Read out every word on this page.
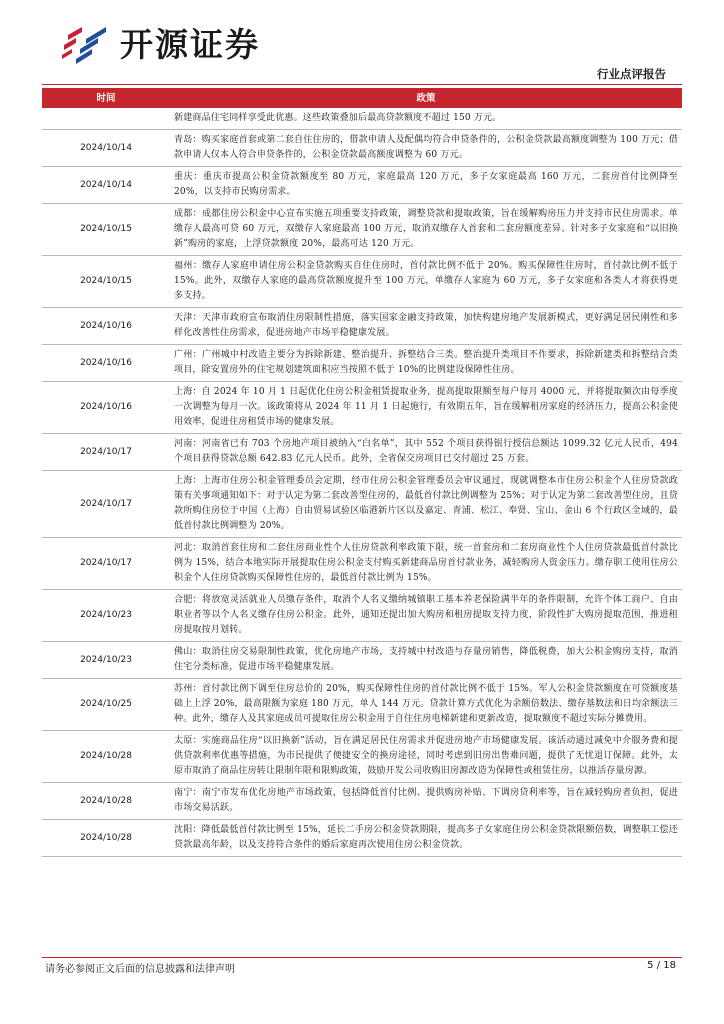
开源证券
行业点评报告
时间	政策
	新建商品住宅同样享受此优惠。这些政策叠加后最高贷款额度不超过 150 万元。
2024/10/14	青岛：购买家庭首套或第二套自住住房的，借款申请人及配偶均符合申贷条件的，公积金贷款最高额度调整为 100 万元；借款申请人仅本人符合申贷条件的，公积金贷款最高额度调整为 60 万元。
2024/10/14	重庆：重庆市提高公积金贷款额度至 80 万元，家庭最高 120 万元，多子女家庭最高 160 万元，二套房首付比例降至 20%，以支持市民购房需求。
2024/10/15	成都：成都住房公积金中心宣布实施五项重要支持政策，调整贷款和提取政策，旨在缓解购房压力并支持市民住房需求。单缴存人最高可贷 60 万元，双缴存人家庭最高 100 万元，取消双缴存人首套和二套房额度差异。针对多子女家庭和“以旧换新”购房的家庭，上浮贷款额度 20%，最高可达 120 万元。
2024/10/15	福州：缴存人家庭申请住房公积金贷款购买自住住房时，首付款比例不低于 20%。购买保障性住房时，首付款比例不低于 15%。此外，双缴存人家庭的最高贷款额度提升至 100 万元，单缴存人家庭为 60 万元，多子女家庭和各类人才将获得更多支持。
2024/10/16	天津：天津市政府宣布取消住房限制性措施，落实国家金融支持政策，加快构建房地产发展新模式，更好满足居民刚性和多样化改善性住房需求，促进房地产市场平稳健康发展。
2024/10/16	广州：广州城中村改造主要分为拆除新建、整治提升、拆整结合三类。整治提升类项目不作要求，拆除新建类和拆整结合类项目，除安置房外的住宅规划建筑面积应当按照不低于 10%的比例建设保障性住房。
2024/10/16	上海：自 2024 年 10 月 1 日起优化住房公积金租赁提取业务，提高提取限额至每户每月 4000 元，并将提取频次由每季度一次调整为每月一次。该政策将从 2024 年 11 月 1 日起施行，有效期五年，旨在缓解租房家庭的经济压力，提高公积金使用效率，促进住房租赁市场的健康发展。
2024/10/17	河南：河南省已有 703 个房地产项目被纳入“白名单”，其中 552 个项目获得银行授信总额达 1099.32 亿元人民币，494 个项目获得贷款总额 642.83 亿元人民币。此外，全省保交房项目已交付超过 25 万套。
2024/10/17	上海：上海市住房公积金管理委员会定期，经市住房公积金管理委员会审议通过，现就调整本市住房公积金个人住房贷款政策有关事项通知如下：对于认定为第二套改善型住房的，最低首付款比例调整为 25%；对于认定为第二套改善型住房，且贷款所购住房位于中国（上海）自由贸易试验区临港新片区以及嘉定、青浦、松江、奉贤、宝山、金山 6 个行政区全域的，最低首付款比例调整为 20%。
2024/10/17	河北：取消首套住房和二套住房商业性个人住房贷款利率政策下限，统一首套房和二套房商业性个人住房贷款最低首付款比例为 15%，结合本地实际开展提取住房公积金支付购买新建商品房首付款业务，减轻购房人资金压力。缴存职工使用住房公积金个人住房贷款购买保障性住房的，最低首付款比例为 15%。
2024/10/23	合肥：将放宽灵活就业人员缴存条件，取消个人名义缴纳城镇职工基本养老保险满半年的条件限制，允许个体工商户、自由职业者等以个人名义缴存住房公积金。此外，通知还提出加大购房和租房提取支持力度，阶段性扩大购房提取范围，推进租房提取按月划转。
2024/10/23	佛山：取消住房交易限制性政策，优化房地产市场，支持城中村改造与存量房销售，降低税费，加大公积金购房支持，取消住宅分类标准，促进市场平稳健康发展。
2024/10/25	苏州：首付款比例下调至住房总价的 20%，购买保障性住房的首付款比例不低于 15%。军人公积金贷款额度在可贷额度基础上上浮 20%，最高限额为家庭 180 万元，单人 144 万元。贷款计算方式优化为余额倍数法、缴存基数法和日均余额法三种。此外，缴存人及其家庭成员可提取住房公积金用于自住住房电梯新建和更新改造，提取额度不超过实际分摊费用。
2024/10/28	太原：实施商品住房“以旧换新”活动，旨在满足居民住房需求并促进房地产市场健康发展。该活动通过减免中介服务费和提供贷款利率优惠等措施，为市民提供了便捷安全的换房途径，同时考虑到旧房出售难问题，提供了无忧退订保障。此外，太原市取消了商品住房转让限制年限和限购政策，鼓励开发公司收购旧房源改造为保障性或租赁住房，以推活存量房源。
2024/10/28	南宁：南宁市发布优化房地产市场政策，包括降低首付比例、提供购房补贴、下调房贷利率等，旨在减轻购房者负担，促进市场交易活跃。
2024/10/28	沈阳：降低最低首付款比例至 15%，延长二手房公积金贷款期限，提高多子女家庭住房公积金贷款限额倍数，调整职工偿还贷款最高年龄，以及支持符合条件的婚后家庭再次使用住房公积金贷款。
请务必参阅正文后面的信息披露和法律声明	5 / 18
